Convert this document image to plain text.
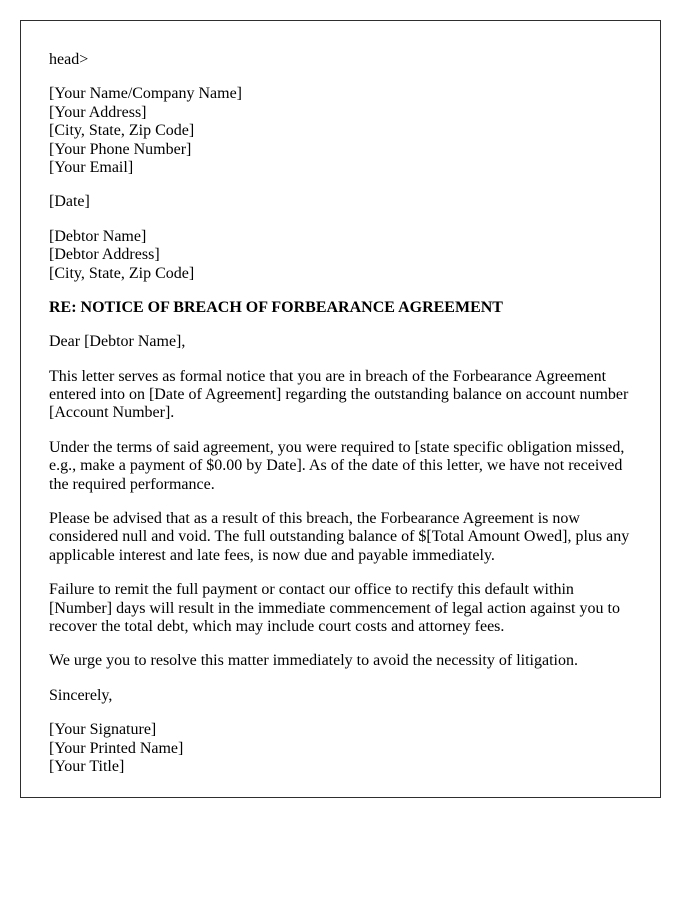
head>

[Your Name/Company Name]
[Your Address]
[City, State, Zip Code]
[Your Phone Number]
[Your Email]

[Date]

[Debtor Name]
[Debtor Address]
[City, State, Zip Code]

RE: NOTICE OF BREACH OF FORBEARANCE AGREEMENT

Dear [Debtor Name],

This letter serves as formal notice that you are in breach of the Forbearance Agreement entered into on [Date of Agreement] regarding the outstanding balance on account number [Account Number].

Under the terms of said agreement, you were required to [state specific obligation missed, e.g., make a payment of $0.00 by Date]. As of the date of this letter, we have not received the required performance.

Please be advised that as a result of this breach, the Forbearance Agreement is now considered null and void. The full outstanding balance of $[Total Amount Owed], plus any applicable interest and late fees, is now due and payable immediately.

Failure to remit the full payment or contact our office to rectify this default within [Number] days will result in the immediate commencement of legal action against you to recover the total debt, which may include court costs and attorney fees.

We urge you to resolve this matter immediately to avoid the necessity of litigation.

Sincerely,

[Your Signature]
[Your Printed Name]
[Your Title]
